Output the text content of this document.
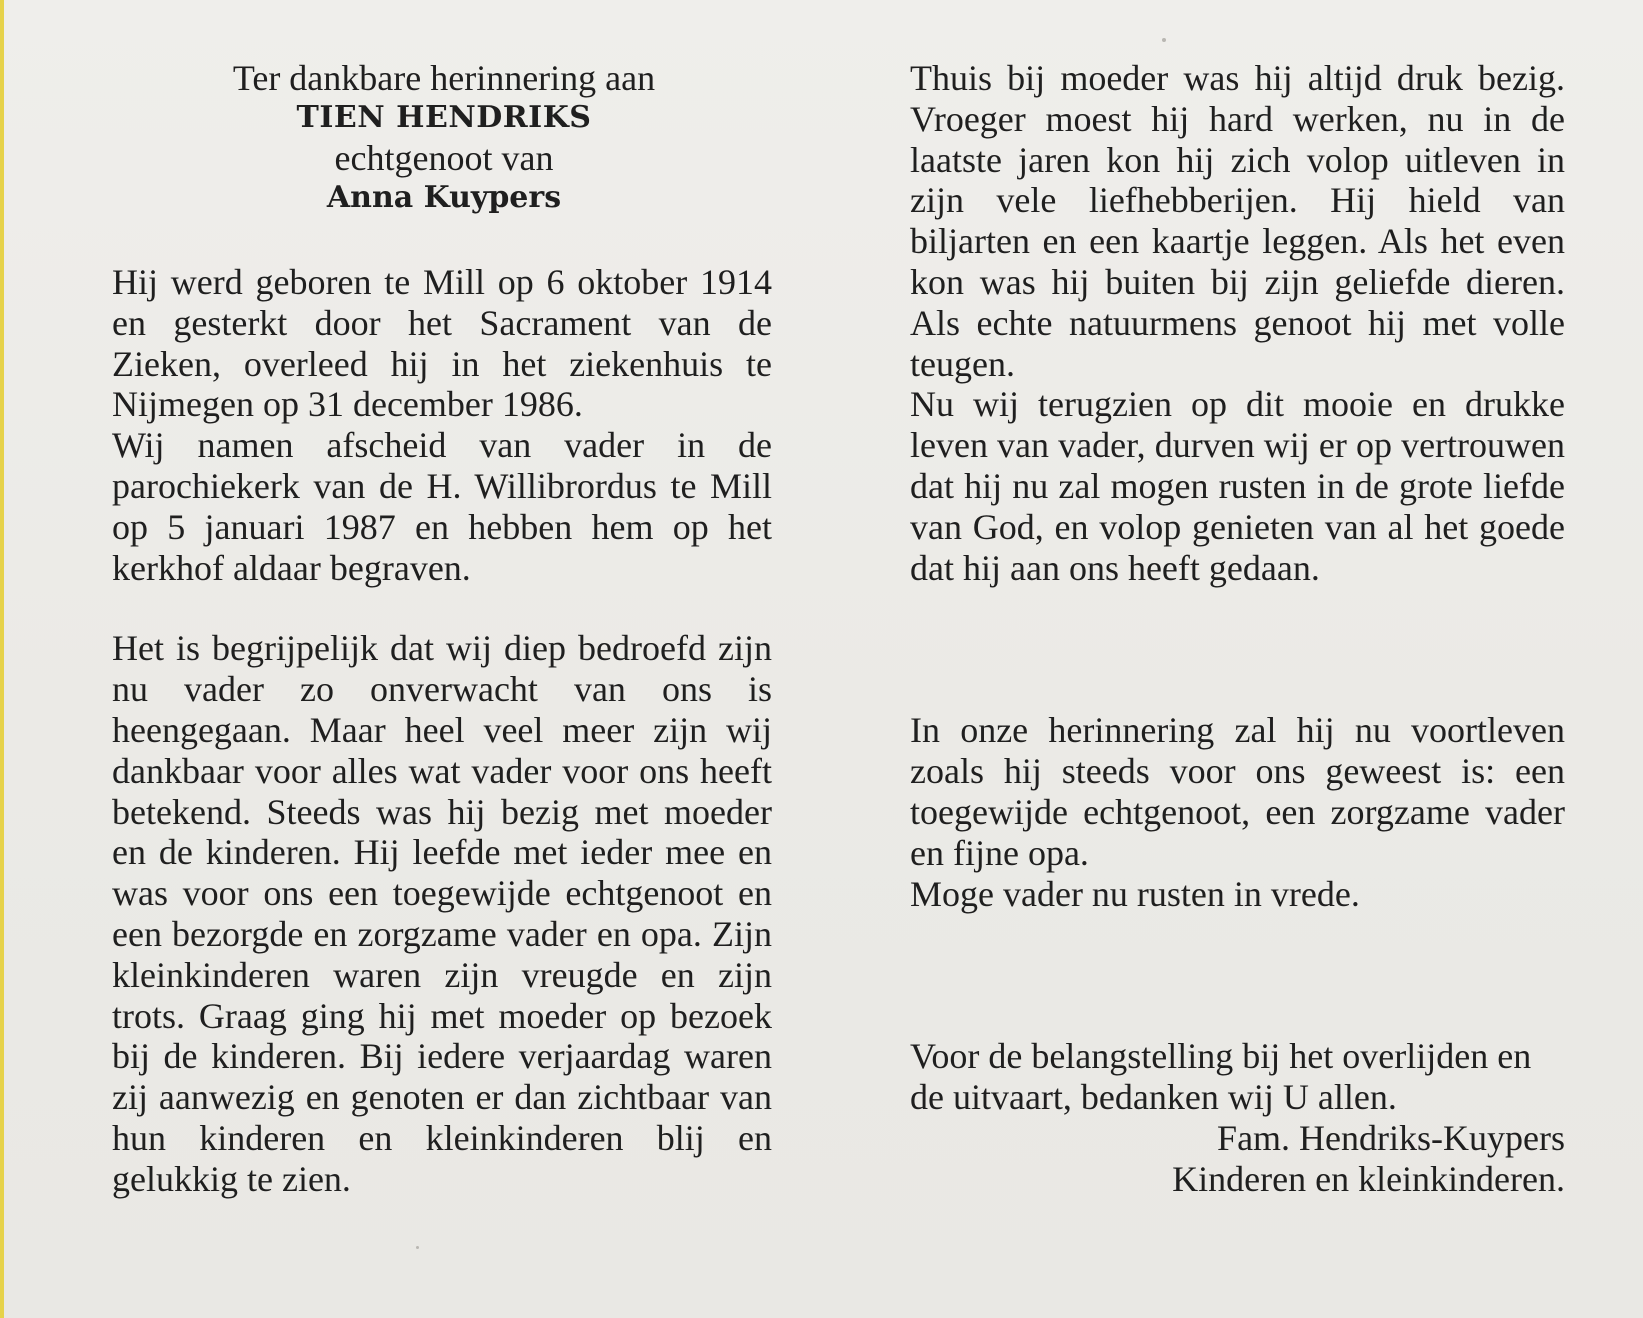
Ter dankbare herinnering aan
TIEN HENDRIKS
echtgenoot van
Anna Kuypers

Hij werd geboren te Mill op 6 oktober 1914 en gesterkt door het Sacrament van de Zieken, overleed hij in het ziekenhuis te Nijmegen op 31 december 1986.

Wij namen afscheid van vader in de parochiekerk van de H. Willibrordus te Mill op 5 januari 1987 en hebben hem op het kerkhof aldaar begraven.

Het is begrijpelijk dat wij diep bedroefd zijn nu vader zo onverwacht van ons is heengegaan. Maar heel veel meer zijn wij dankbaar voor alles wat vader voor ons heeft betekend. Steeds was hij bezig met moeder en de kinderen. Hij leefde met ieder mee en was voor ons een toegewijde echtgenoot en een bezorgde en zorgzame vader en opa. Zijn kleinkinderen waren zijn vreugde en zijn trots. Graag ging hij met moeder op bezoek bij de kinderen. Bij iedere verjaardag waren zij aanwezig en genoten er dan zichtbaar van hun kinderen en kleinkinderen blij en gelukkig te zien.

Thuis bij moeder was hij altijd druk bezig. Vroeger moest hij hard werken, nu in de laatste jaren kon hij zich volop uitleven in zijn vele liefhebberijen. Hij hield van biljarten en een kaartje leggen. Als het even kon was hij buiten bij zijn geliefde dieren. Als echte natuurmens genoot hij met volle teugen.

Nu wij terugzien op dit mooie en drukke leven van vader, durven wij er op vertrouwen dat hij nu zal mogen rusten in de grote liefde van God, en volop genieten van al het goede dat hij aan ons heeft gedaan.

In onze herinnering zal hij nu voortleven zoals hij steeds voor ons geweest is: een toegewijde echtgenoot, een zorgzame vader en fijne opa.

Moge vader nu rusten in vrede.

Voor de belangstelling bij het overlijden en de uitvaart, bedanken wij U allen.

Fam. Hendriks-Kuypers
Kinderen en kleinkinderen.
